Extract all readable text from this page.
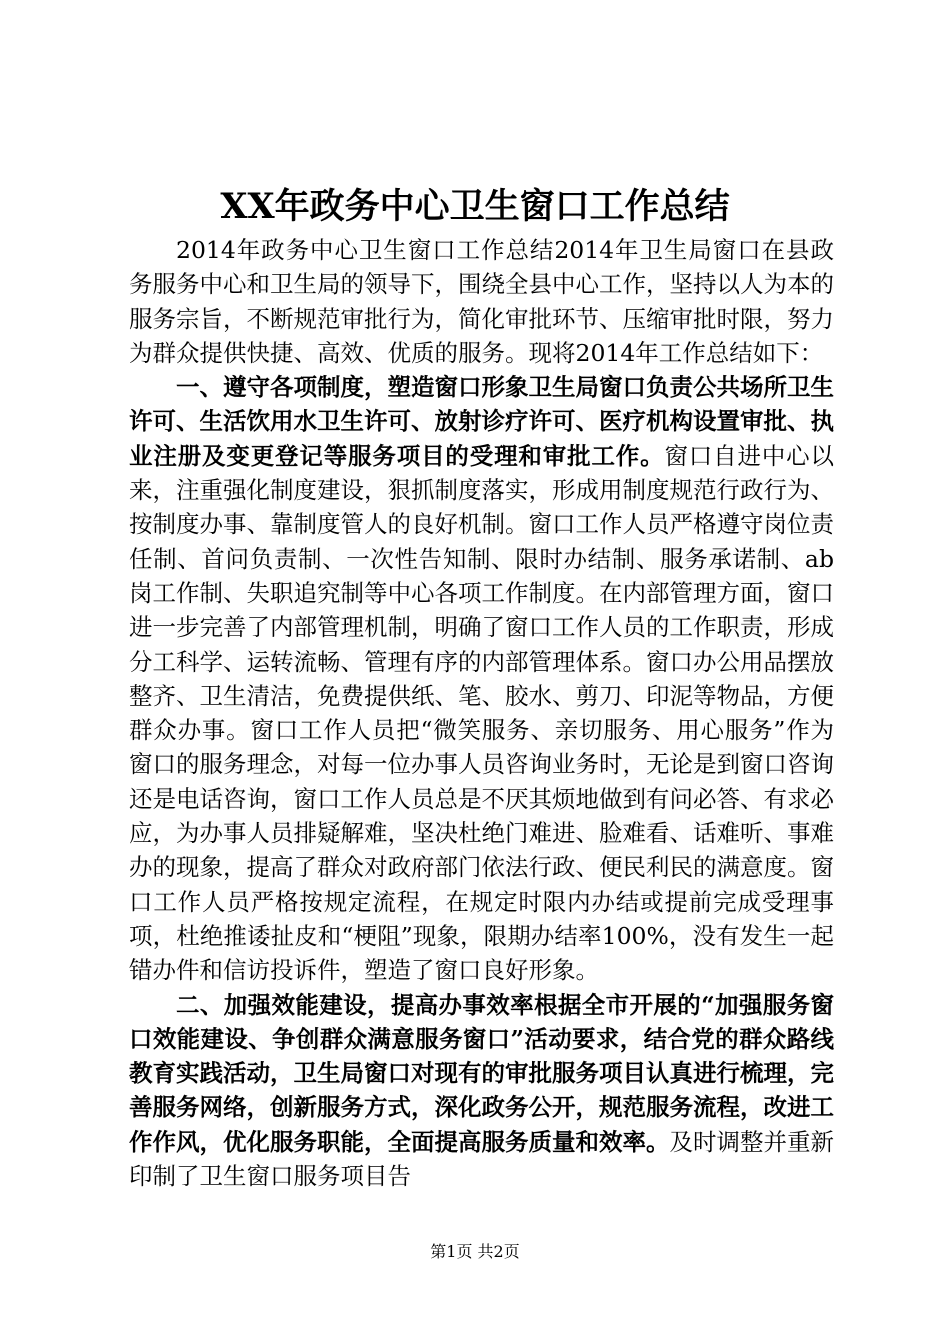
XX年政务中心卫生窗口工作总结

2014年政务中心卫生窗口工作总结2014年卫生局窗口在县政务服务中心和卫生局的领导下，围绕全县中心工作，坚持以人为本的服务宗旨，不断规范审批行为，简化审批环节、压缩审批时限，努力为群众提供快捷、高效、优质的服务。现将2014年工作总结如下：

一、遵守各项制度，塑造窗口形象卫生局窗口负责公共场所卫生许可、生活饮用水卫生许可、放射诊疗许可、医疗机构设置审批、执业注册及变更登记等服务项目的受理和审批工作。窗口自进中心以来，注重强化制度建设，狠抓制度落实，形成用制度规范行政行为、按制度办事、靠制度管人的良好机制。窗口工作人员严格遵守岗位责任制、首问负责制、一次性告知制、限时办结制、服务承诺制、ab岗工作制、失职追究制等中心各项工作制度。在内部管理方面，窗口进一步完善了内部管理机制，明确了窗口工作人员的工作职责，形成分工科学、运转流畅、管理有序的内部管理体系。窗口办公用品摆放整齐、卫生清洁，免费提供纸、笔、胶水、剪刀、印泥等物品，方便群众办事。窗口工作人员把“微笑服务、亲切服务、用心服务”作为窗口的服务理念，对每一位办事人员咨询业务时，无论是到窗口咨询还是电话咨询，窗口工作人员总是不厌其烦地做到有问必答、有求必应，为办事人员排疑解难，坚决杜绝门难进、脸难看、话难听、事难办的现象，提高了群众对政府部门依法行政、便民利民的满意度。窗口工作人员严格按规定流程，在规定时限内办结或提前完成受理事项，杜绝推诿扯皮和“梗阻”现象，限期办结率100%，没有发生一起错办件和信访投诉件，塑造了窗口良好形象。

二、加强效能建设，提高办事效率根据全市开展的“加强服务窗口效能建设、争创群众满意服务窗口”活动要求，结合党的群众路线教育实践活动，卫生局窗口对现有的审批服务项目认真进行梳理，完善服务网络，创新服务方式，深化政务公开，规范服务流程，改进工作作风，优化服务职能，全面提高服务质量和效率。及时调整并重新印制了卫生窗口服务项目告

第1页 共2页
